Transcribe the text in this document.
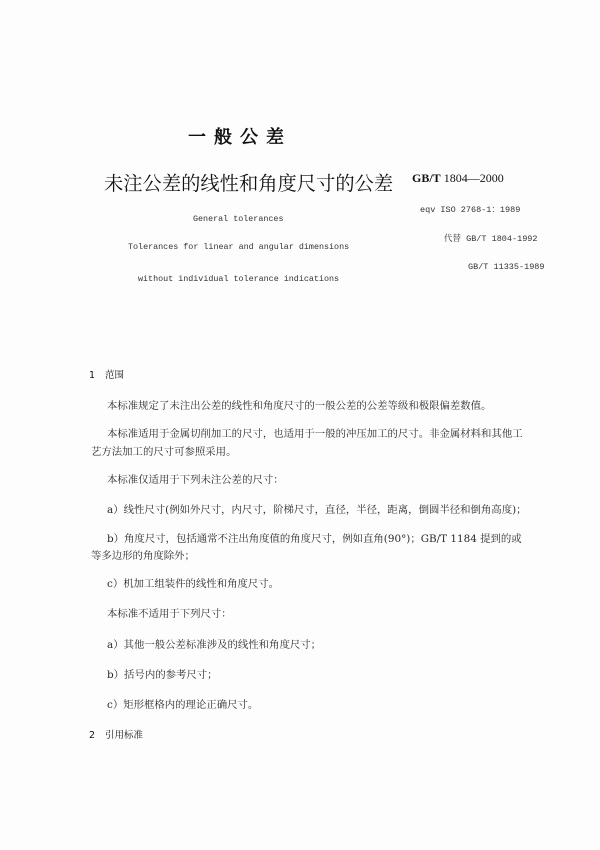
一般公差
未注公差的线性和角度尺寸的公差 GB/T 1804—2000
eqv ISO 2768-1：1989
代替 GB/T 1804-1992
GB/T 11335-1989
General tolerances
Tolerances for linear and angular dimensions
without individual tolerance indications
1 范围
本标准规定了未注出公差的线性和角度尺寸的一般公差的公差等级和极限偏差数值。
本标准适用于金属切削加工的尺寸，也适用于一般的冲压加工的尺寸。非金属材料和其他工
艺方法加工的尺寸可参照采用。
本标准仅适用于下列未注公差的尺寸：
a）线性尺寸(例如外尺寸，内尺寸，阶梯尺寸，直径，半径，距离，倒圆半径和倒角高度)；
b）角度尺寸，包括通常不注出角度值的角度尺寸，例如直角(90°)；GB/T 1184 提到的或
等多边形的角度除外；
c）机加工组装件的线性和角度尺寸。
本标准不适用于下列尺寸：
a）其他一般公差标准涉及的线性和角度尺寸；
b）括号内的参考尺寸；
c）矩形框格内的理论正确尺寸。
2 引用标准
